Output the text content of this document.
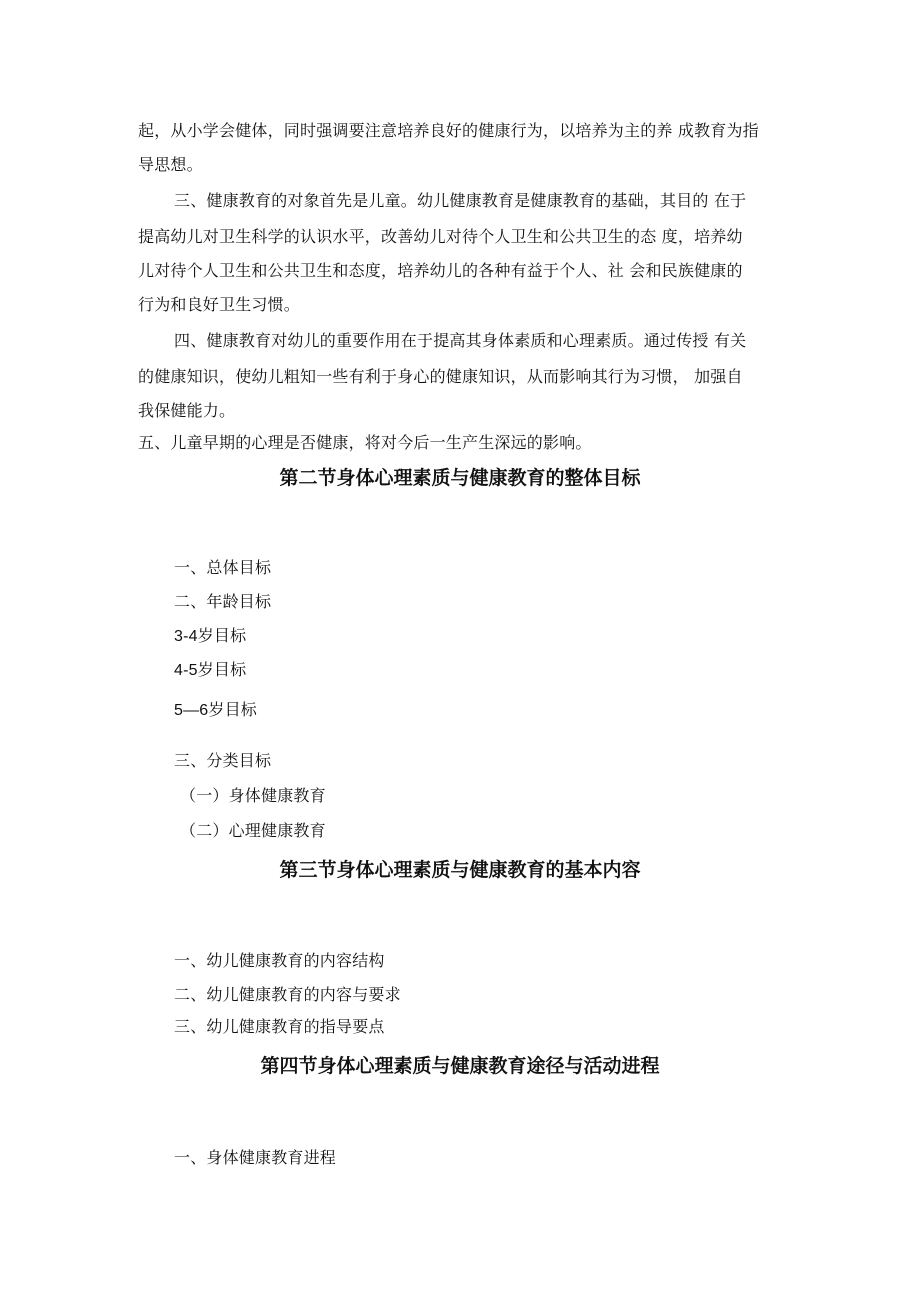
起，从小学会健体，同时强调要注意培养良好的健康行为，以培养为主的养 成教育为指
导思想。
三、健康教育的对象首先是儿童。幼儿健康教育是健康教育的基础，其目的 在于
提高幼儿对卫生科学的认识水平，改善幼儿对待个人卫生和公共卫生的态 度，培养幼
儿对待个人卫生和公共卫生和态度，培养幼儿的各种有益于个人、社 会和民族健康的
行为和良好卫生习惯。
四、健康教育对幼儿的重要作用在于提高其身体素质和心理素质。通过传授 有关
的健康知识，使幼儿粗知一些有利于身心的健康知识，从而影响其行为习惯， 加强自
我保健能力。
五、儿童早期的心理是否健康，将对今后一生产生深远的影响。
第二节身体心理素质与健康教育的整体目标
一、总体目标
二、年龄目标
3-4岁目标
4-5岁目标
5—6岁目标
三、分类目标
（一）身体健康教育
（二）心理健康教育
第三节身体心理素质与健康教育的基本内容
一、幼儿健康教育的内容结构
二、幼儿健康教育的内容与要求
三、幼儿健康教育的指导要点
第四节身体心理素质与健康教育途径与活动进程
一、身体健康教育进程
